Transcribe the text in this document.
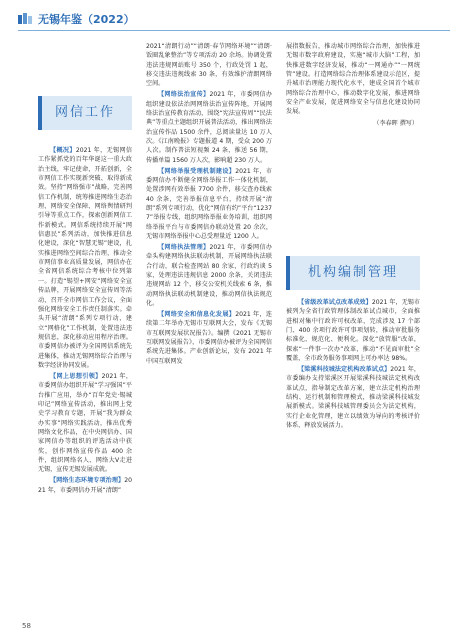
无锡年鉴（2022）
网信工作

【概况】2021 年，无锡网信工作紧抓党的百年华诞这一重大政治主线，牢记使命，开拓创新，全市网信工作实现新突破、取得新成效。坚持“网络强市”战略，完善网信工作机制，统筹推进网络生态治理、网络安全保障、网络舆情研判引导等重点工作，探索创新网信工作新模式。网信系统持续开展“网信惠民”系列活动，加快推进信息化建设，深化“智慧无锡”建设，扎实推进网络空间综合治理，推动全市网信事业高质量发展，网信办在全省网信系统综合考核中位列第一。打造“锡望+网安”网络安全宣传品牌，开展网络安全宣传周等活动，召开全市网信工作会议，全面强化网络安全工作责任制落实。牵头开展“清朗”系列专项行动，建立“网格化”工作机制，处置违法违规信息，深化移动应用程序治理。市委网信办被评为全国网信系统先进集体，推动无锡网络综合治理与数字经济协同发展。

【网上思想引领】2021 年，市委网信办组织开展“学习强国”平台推广应用，举办“百年党史·锡城印记”网络宣传活动，推出网上党史学习教育专题，开展“我为群众办实事”网络实践活动，推出优秀网络文化作品，在中央网信办、国家网信办等组织的评选活动中获奖，创作网络宣传作品 400 余件，组织网络名人、网络大V走进无锡，宣传无锡发展成就。

【网络生态环境专项治理】2021 年，市委网信办开展“清朗”

2021“清朗行动”“清朗·春节网络环境”“清朗·饭圈乱象整治”等专项活动 20 余场。协调处置违法违规网站账号 350 个，行政处罚 1 起，移交违法违规线索 30 条，有效维护清朗网络空间。

【网络法治宣传】2021 年，市委网信办组织建设依法治网网络法治宣传阵地，开展网络法治宣传教育活动，围绕“宪法宣传周”“民法典”等重点主题组织开展普法活动，推出网络法治宣传作品 1500 余件，总阅读量达 10 万人次。《江南晚报》专题报道 4 期，受众 200 万人次。制作普法短视频 24 条，推送 56 期，传播单篇 1560 万人次，影响超 230 万人。

【网络举报受理机制建设】2021 年，市委网信办不断健全网络举报工作一体化机制，处置涉网有效举报 7700 余件，移交查办线索 40 余条，完善举报信息平台，持续开展“清朗”系列专项行动，优化“网信有约”平台“12377”举报专线，组织网络举报业务培训，组织网络举报平台与市委网信办联动处置 20 余次，无锡市网络举报中心总受理量近 1200 人。

【网络执法管理】2021 年，市委网信办牵头构建网络执法联动机制，开展网络执法联合行动，联合检查网站 80 余家，行政约谈 5 家，处理违法违规信息 2000 余条，关闭违法违规网站 12 个，移交公安机关线索 6 条，推动网络执法联动机制建设，推动网信执法规范化。

【网络安全和信息化发展】2021 年，连续第二年举办无锡市互联网大会，发布《无锡市互联网发展状况报告》。编撰《2021 无锡市互联网发展报告》，市委网信办被评为全国网信系统先进集体。产业创新论坛，发布 2021 年中国互联网发

展指数报告，推动城市网络综合治理，加快推进无锡市数字政府建设，实施“城市大脑”工程，加快推进数字经济发展，推动“一网通办”“一网统管”建设。打造网络综合治理体系建设示范区，提升城市治理能力现代化水平，建成全国首个城市网络综合治理中心，推动数字化发展，推进网络安全产业发展，促进网络安全与信息化建设协同发展。

（李春晖 撰写）
机构编制管理

【省级改革试点改革成效】2021 年，无锡市被列为全省行政管理体制改革试点城市，全面推进相对集中行政许可权改革，完成涉及 17 个部门、400 余项行政许可事项划转，推动审批服务标准化、规范化、便利化。深化“放管服”改革，探索“一件事一次办”改革，推动“不见面审批”全覆盖，全市政务服务事项网上可办率达 98%。

【梁溪科技城法定机构改革试点】2021 年，市委编办支持梁溪区开展梁溪科技城法定机构改革试点，指导制定改革方案，建立法定机构治理结构、运行机制和管理模式，推动梁溪科技城发展新模式。梁溪科技城管理委员会为法定机构，实行企业化管理，建立以绩效为导向的考核评价体系，释放发展活力。

58
